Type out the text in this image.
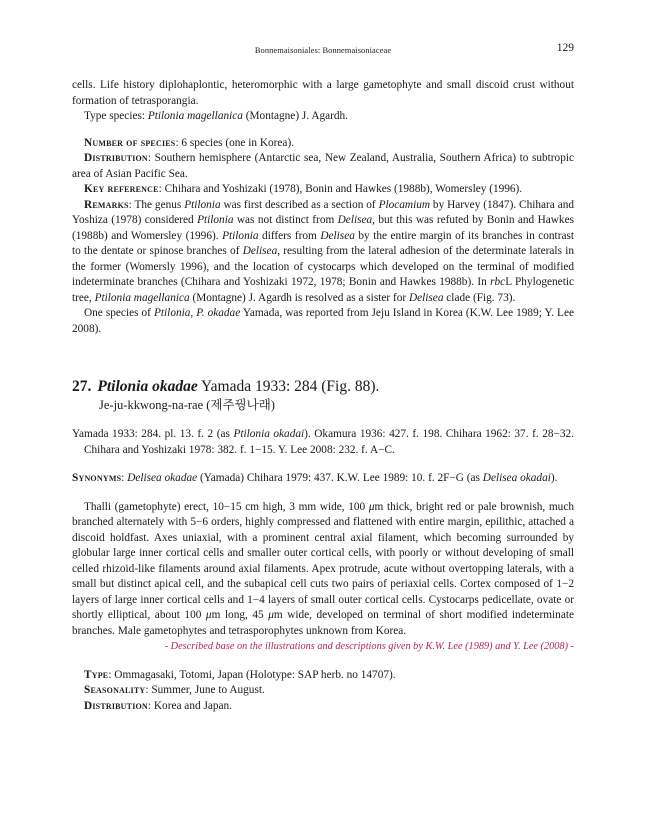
Bonnemaisoniales: Bonnemaisoniaceae	129

cells. Life history diplohaplontic, heteromorphic with a large gametophyte and small discoid crust without formation of tetrasporangia.

Type species: Ptilonia magellanica (Montagne) J. Agardh.

Number of species: 6 species (one in Korea).

Distribution: Southern hemisphere (Antarctic sea, New Zealand, Australia, Southern Africa) to subtropic area of Asian Pacific Sea.

Key reference: Chihara and Yoshizaki (1978), Bonin and Hawkes (1988b), Womersley (1996).

Remarks: The genus Ptilonia was first described as a section of Plocamium by Harvey (1847). Chihara and Yoshiza (1978) considered Ptilonia was not distinct from Delisea, but this was refuted by Bonin and Hawkes (1988b) and Womersley (1996). Ptilonia differs from Delisea by the entire margin of its branches in contrast to the dentate or spinose branches of Delisea, resulting from the lateral adhesion of the determinate laterals in the former (Womersly 1996), and the location of cystocarps which developed on the terminal of modified indeterminate branches (Chihara and Yoshizaki 1972, 1978; Bonin and Hawkes 1988b). In rbcL Phylogenetic tree, Ptilonia magellanica (Montagne) J. Agardh is resolved as a sister for Delisea clade (Fig. 73).

One species of Ptilonia, P. okadae Yamada, was reported from Jeju Island in Korea (K.W. Lee 1989; Y. Lee 2008).

27. Ptilonia okadae Yamada 1933: 284 (Fig. 88).

Je-ju-kkwong-na-rae (제주꿩나래)

Yamada 1933: 284. pl. 13. f. 2 (as Ptilonia okadai). Okamura 1936: 427. f. 198. Chihara 1962: 37. f. 28−32. Chihara and Yoshizaki 1978: 382. f. 1−15. Y. Lee 2008: 232. f. A−C.

Synonyms: Delisea okadae (Yamada) Chihara 1979: 437. K.W. Lee 1989: 10. f. 2F−G (as Delisea okadai).

Thalli (gametophyte) erect, 10−15 cm high, 3 mm wide, 100 μm thick, bright red or pale brownish, much branched alternately with 5−6 orders, highly compressed and flattened with entire margin, epilithic, attached a discoid holdfast. Axes uniaxial, with a prominent central axial filament, which becoming surrounded by globular large inner cortical cells and smaller outer cortical cells, with poorly or without developing of small celled rhizoid-like filaments around axial filaments. Apex protrude, acute without overtopping laterals, with a small but distinct apical cell, and the subapical cell cuts two pairs of periaxial cells. Cortex composed of 1−2 layers of large inner cortical cells and 1−4 layers of small outer cortical cells. Cystocarps pedicellate, ovate or shortly elliptical, about 100 μm long, 45 μm wide, developed on terminal of short modified indeterminate branches. Male gametophytes and tetrasporophytes unknown from Korea.

- Described base on the illustrations and descriptions given by K.W. Lee (1989) and Y. Lee (2008) -

Type: Ommagasaki, Totomi, Japan (Holotype: SAP herb. no 14707).

Seasonality: Summer, June to August.

Distribution: Korea and Japan.
